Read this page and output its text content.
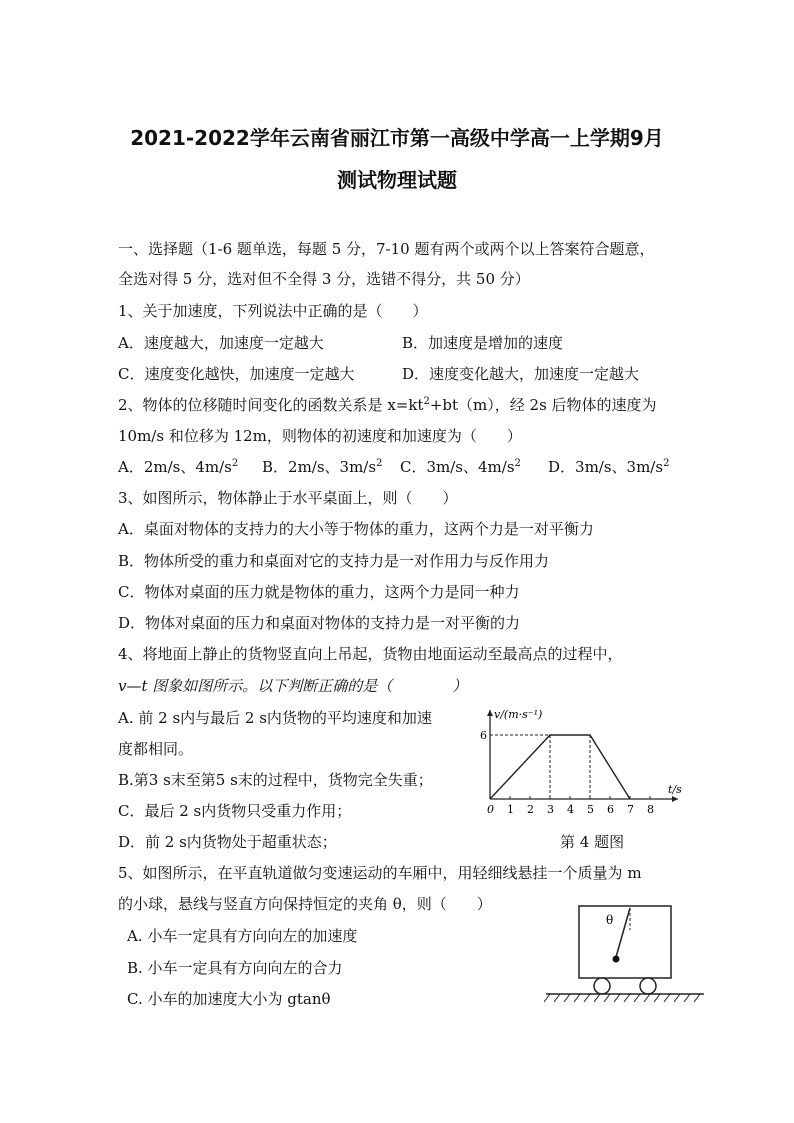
2021-2022学年云南省丽江市第一高级中学高一上学期9月
测试物理试题
一、选择题（1-6 题单选，每题 5 分，7-10 题有两个或两个以上答案符合题意，
全选对得 5 分，选对但不全得 3 分，选错不得分，共 50 分）
1、关于加速度，下列说法中正确的是（　　）
A．速度越大，加速度一定越大	B．加速度是增加的速度
C．速度变化越快，加速度一定越大	D．速度变化越大，加速度一定越大
2、物体的位移随时间变化的函数关系是 $x=kt^2+bt(m)$，经 2s 后物体的速度为
10m/s 和位移为 12m，则物体的初速度和加速度为（　　）
A．2m/s、$4m/s^2$ B．2m/s、$3m/s^2$ C．3m/s、$4m/s^2$ D．3m/s、$3m/s^2$
3、如图所示，物体静止于水平桌面上，则（　　）
A．桌面对物体的支持力的大小等于物体的重力，这两个力是一对平衡力
B．物体所受的重力和桌面对它的支持力是一对作用力与反作用力
C．物体对桌面的压力就是物体的重力，这两个力是同一种力
D．物体对桌面的压力和桌面对物体的支持力是一对平衡的力
4、将地面上静止的货物竖直向上吊起，货物由地面运动至最高点的过程中，
v—t 图象如图所示。以下判断正确的是（　　　　）
A. 前 2 s内与最后 2 s内货物的平均速度和加速
度都相同。
B.第3 s末至第5 s末的过程中，货物完全失重；
C．最后 2 s内货物只受重力作用；
D．前 2 s内货物处于超重状态；
0 1 2 3 4 5 6 7 8
6
v/(m·s⁻¹)
t/s
第 4 题图
5、如图所示，在平直轨道做匀变速运动的车厢中，用轻细线悬挂一个质量为 m
的小球，悬线与竖直方向保持恒定的夹角 θ，则（　　）
A. 小车一定具有方向向左的加速度
B. 小车一定具有方向向左的合力
C. 小车的加速度大小为 gtanθ
θ
